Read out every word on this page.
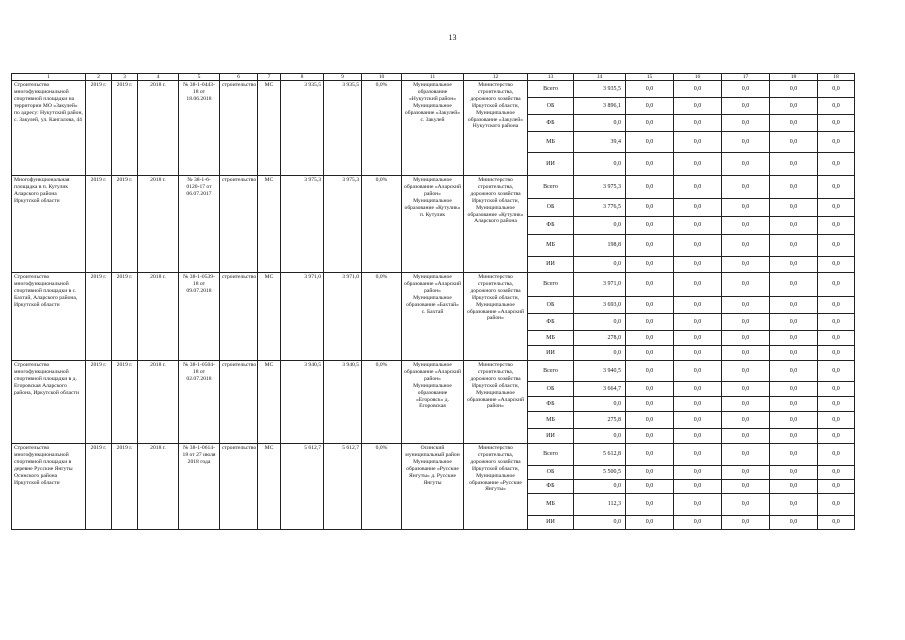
13
1	2	3	4	5	6	7	8	9	10	11	12	13	14	15	16	17	18	18
Строительство многофункциональной спортивной площадки на территории МО «Закулей» по адресу: Нукутский район, с. Закулей, ул. Кангалова, 44	2019 г.	2019 г.	2018 г.	№ 38-1-0443-18 от 18.06.2018	строительство	МС	3 935,5	3 935,5	0,0%	Муниципальное образование «Нукутский район» Муниципальное образование «Закулей» с. Закулей	Министерство строительства, дорожного хозяйства Иркутской области, Муниципальное образование «Закулей» Нукутского района	Всего	3 935,5	0,0	0,0	0,0	0,0	0,0
												ОБ	3 896,1	0,0	0,0	0,0	0,0	0,0
												ФБ	0,0	0,0	0,0	0,0	0,0	0,0
												МБ	39,4	0,0	0,0	0,0	0,0	0,0
												ИИ	0,0	0,0	0,0	0,0	0,0	0,0
Многофункциональная площадка в п. Кутулик Аларского района Иркутской области	2019 г.	2019 г.	2018 г.	№ 38-1-6-0120-17 от 06.07.2017	строительство	МС	3 975,3	3 975,3	0,0%	Муниципальное образование «Аларский район» Муниципальное образование «Кутулик» п. Кутулик	Министерство строительства, дорожного хозяйства Иркутской области, Муниципальное образование «Кутулик» Аларского района	Всего	3 975,3	0,0	0,0	0,0	0,0	0,0
												ОБ	3 776,5	0,0	0,0	0,0	0,0	0,0
												ФБ	0,0	0,0	0,0	0,0	0,0	0,0
												МБ	198,8	0,0	0,0	0,0	0,0	0,0
												ИИ	0,0	0,0	0,0	0,0	0,0	0,0
Строительство многофункциональной спортивной площадки в с. Бахтай, Аларского района, Иркутской области	2019 г.	2019 г.	2018 г.	№ 38-1-0539-18 от 09.07.2018	строительство	МС	3 971,0	3 971,0	0,0%	Муниципальное образование «Аларский район» Муниципальное образование «Бахтай» с. Бахтай	Министерство строительства, дорожного хозяйства Иркутской области, Муниципальное образование «Аларский район»	Всего	3 971,0	0,0	0,0	0,0	0,0	0,0
												ОБ	3 693,0	0,0	0,0	0,0	0,0	0,0
												ФБ	0,0	0,0	0,0	0,0	0,0	0,0
												МБ	278,0	0,0	0,0	0,0	0,0	0,0
												ИИ	0,0	0,0	0,0	0,0	0,0	0,0
Строительство многофункциональной спортивной площадки в д. Егоровская Аларского района, Иркутской области	2019 г.	2019 г.	2018 г.	№ 38-1-0504-18 от 02.07.2018	строительство	МС	3 940,5	3 940,5	0,0%	Муниципальное образование «Аларский район» Муниципальное образование «Егоровск» д. Егоровская	Министерство строительства, дорожного хозяйства Иркутской области, Муниципальное образование «Аларский район»	Всего	3 940,5	0,0	0,0	0,0	0,0	0,0
												ОБ	3 664,7	0,0	0,0	0,0	0,0	0,0
												ФБ	0,0	0,0	0,0	0,0	0,0	0,0
												МБ	275,8	0,0	0,0	0,0	0,0	0,0
												ИИ	0,0	0,0	0,0	0,0	0,0	0,0
Строительство многофункциональной спортивной площадки в деревне Русские Янгуты Осинского района Иркутской области	2019 г.	2019 г.	2018 г.	№ 38-1-0614-18 от 27 июля 2018 года	строительство	МС	5 612,7	5 612,7	0,0%	Осинский муниципальный район Муниципальное образование «Русские Янгуты» д. Русские Янгуты	Министерство строительства, дорожного хозяйства Иркутской области, Муниципальное образование «Русские Янгуты»	Всего	5 612,8	0,0	0,0	0,0	0,0	0,0
												ОБ	5 500,5	0,0	0,0	0,0	0,0	0,0
												ФБ	0,0	0,0	0,0	0,0	0,0	0,0
												МБ	112,3	0,0	0,0	0,0	0,0	0,0
												ИИ	0,0	0,0	0,0	0,0	0,0	0,0
